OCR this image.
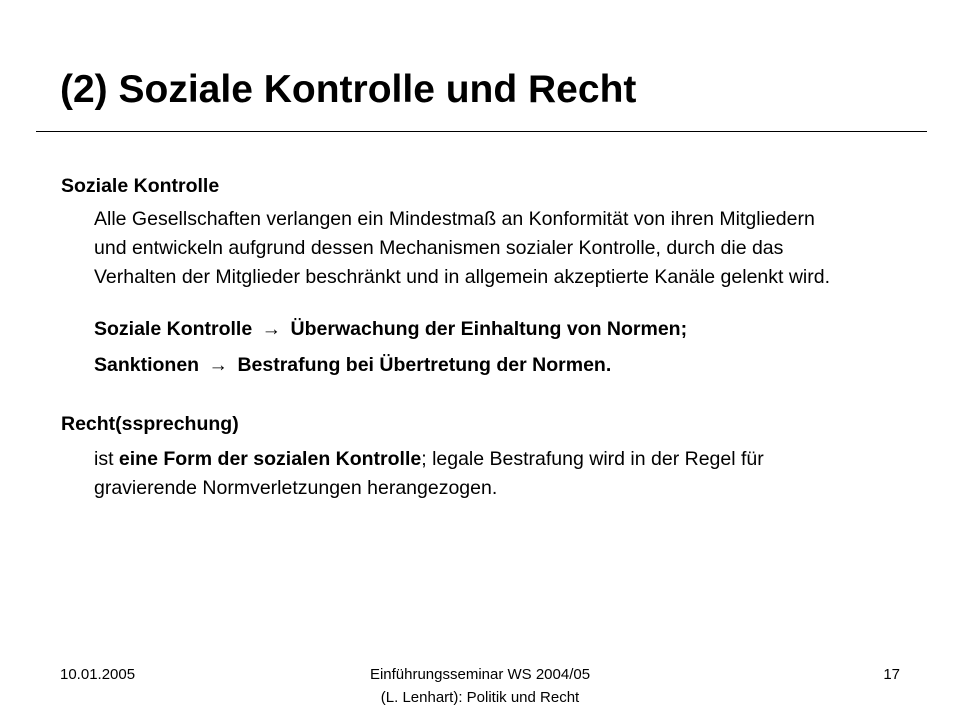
(2) Soziale Kontrolle und Recht

Soziale Kontrolle

Alle Gesellschaften verlangen ein Mindestmaß an Konformität von ihren Mitgliedern und entwickeln aufgrund dessen Mechanismen sozialer Kontrolle, durch die das Verhalten der Mitglieder beschränkt und in allgemein akzeptierte Kanäle gelenkt wird.

Soziale Kontrolle → Überwachung der Einhaltung von Normen;

Sanktionen → Bestrafung bei Übertretung der Normen.

Recht(ssprechung)

ist eine Form der sozialen Kontrolle; legale Bestrafung wird in der Regel für gravierende Normverletzungen herangezogen.

10.01.2005	Einführungsseminar WS 2004/05
(L. Lenhart): Politik und Recht
17
